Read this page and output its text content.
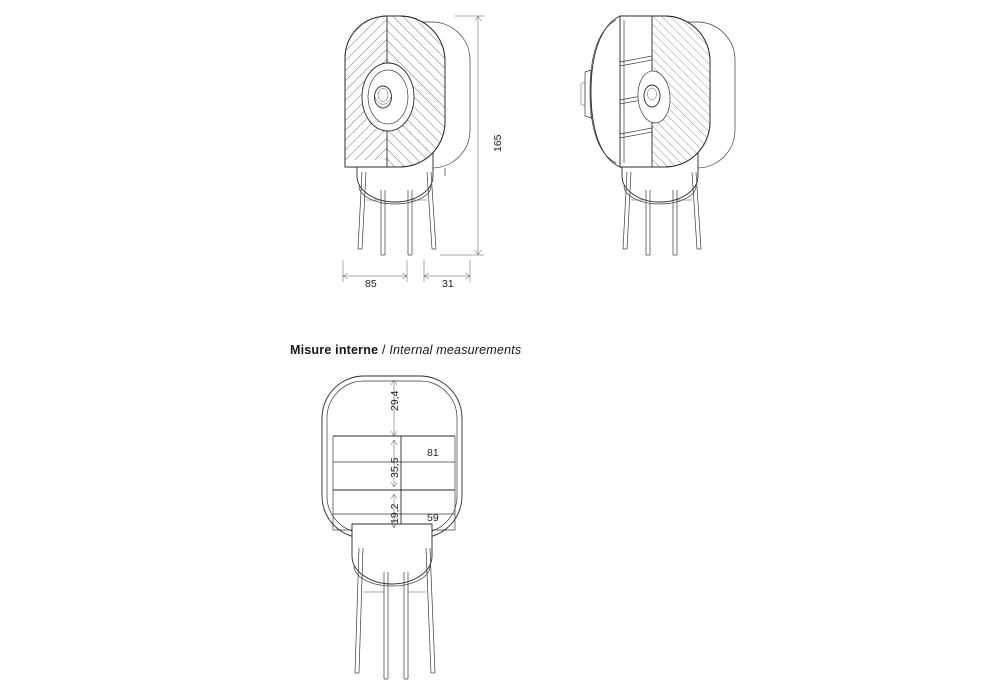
165
85	31
29,4
35,5
19,2
81
59
Misure interne / Internal measurements
